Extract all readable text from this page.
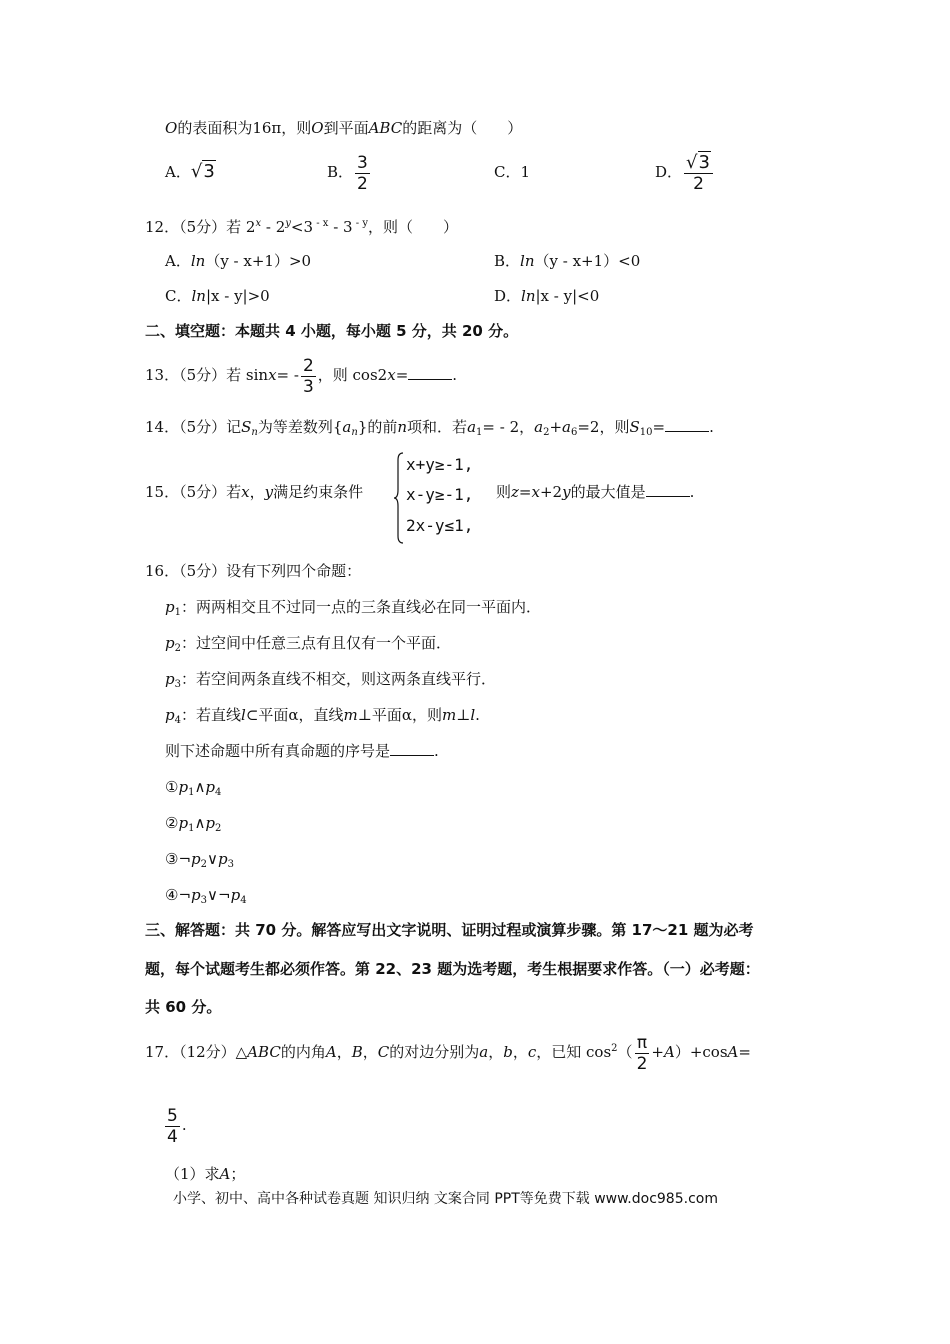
O的表面积为16π，则O到平面ABC的距离为（　　）
A．√3	B． $\frac{3}{2}$	C．1	D． $\frac{√3}{2}$
12．（5分）若 $2^x - 2^y<3$ $^{- x}$ - 3 $^{- y}$，则（　　）
A．ln（y - x+1）>0	B．ln（y - x+1）<0
C．ln|x - y|>0	D．ln|x - y|<0
二、填空题：本题共 4 小题，每小题 5 分，共 20 分。
13．（5分）若 $\sin x= - \frac{2}{3}$ ，则 cos2x=	.
14．（5分）记$S_n$为等差数列$\{a_n\}$的前n项和．若$a_1= - 2$，$a_2+a_6=2$，则$S_{10}=$	.
15．（5分）若x，y满足约束条件
x+y≥-1,
x-y≥-1,
2x-y≤1,
则z=x+2y的最大值是	.
16．（5分）设有下列四个命题：
$p_1$：两两相交且不过同一点的三条直线必在同一平面内．
$p_2$：过空间中任意三点有且仅有一个平面．
$p_3$：若空间两条直线不相交，则这两条直线平行．
$p_4$：若直线l⊂平面α，直线m⊥平面α，则m⊥l.
则下述命题中所有真命题的序号是	.
$①p_1\wedge p_4$
$②p_1\wedge p_2$
$③\neg p_2\vee p_3$
$④\neg p_3\vee\neg p_4$
三、解答题：共 70 分。解答应写出文字说明、证明过程或演算步骤。第 17～21 题为必考
题，每个试题考生都必须作答。第 22、23 题为选考题，考生根据要求作答。（一）必考题：
共 60 分。
17．（12分）△ABC的内角A，B，C的对边分别为a，b，c，已知 $\cos^2( \frac{\pi}{2} +A)+\cos A=$
$\frac{5}{4}$ .
（1）求A；
小学、初中、高中各种试卷真题 知识归纳 文案合同 PPT等免费下载 www.doc985.com
